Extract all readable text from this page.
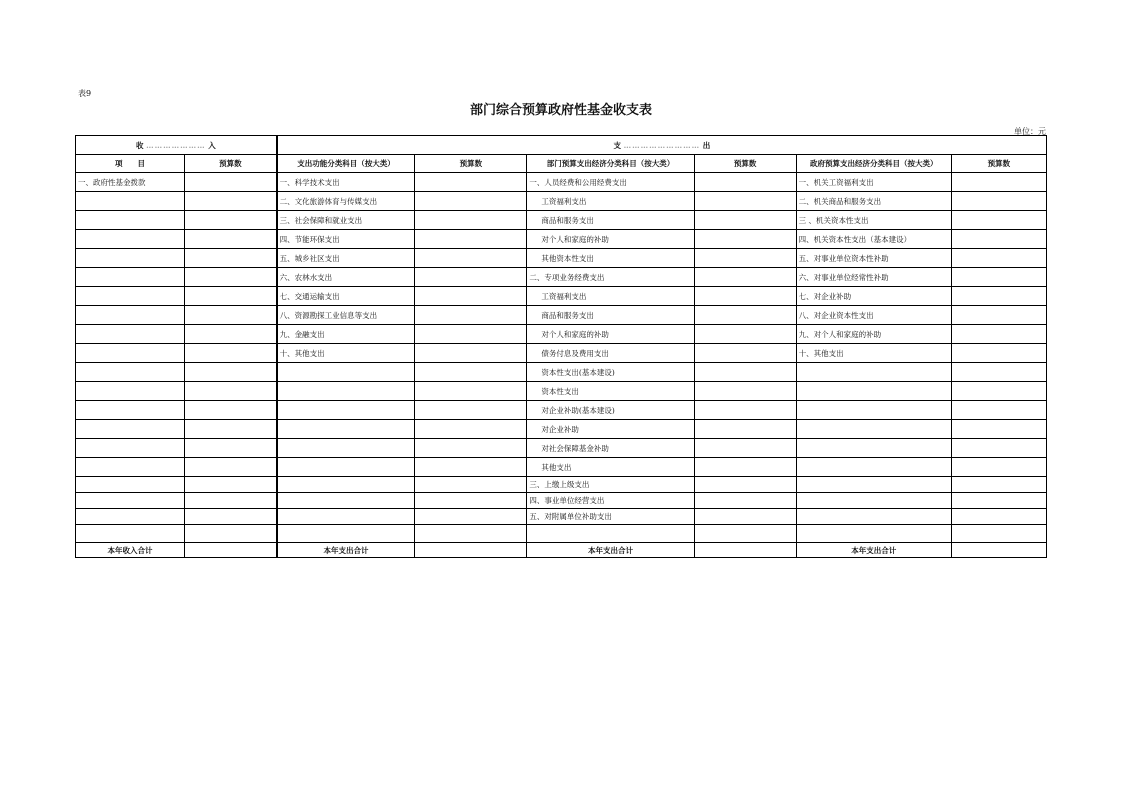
表9
部门综合预算政府性基金收支表
单位：元
收 ………………… 入		支 ……………………… 出					
项　　目	预算数	支出功能分类科目（按大类）	预算数	部门预算支出经济分类科目（按大类）	预算数	政府预算支出经济分类科目（按大类）	预算数
一、政府性基金拨款		一、科学技术支出		一、人员经费和公用经费支出		一、机关工资福利支出	
		二、文化旅游体育与传媒支出		工资福利支出		二、机关商品和服务支出	
		三、社会保障和就业支出		商品和服务支出		三 、机关资本性支出	
		四、节能环保支出		对个人和家庭的补助		四、机关资本性支出（基本建设）	
		五、城乡社区支出		其他资本性支出		五、对事业单位资本性补助	
		六、农林水支出		二、专项业务经费支出		六、对事业单位经常性补助	
		七、交通运输支出		工资福利支出		七、对企业补助	
		八、资源勘探工业信息等支出		商品和服务支出		八、对企业资本性支出	
		九、金融支出		对个人和家庭的补助		九、对个人和家庭的补助	
		十、其他支出		债务付息及费用支出		十、其他支出	
				资本性支出(基本建设)			
				资本性支出			
				对企业补助(基本建设)			
				对企业补助			
				对社会保障基金补助			
				其他支出			
				三、上缴上级支出			
				四、事业单位经营支出			
				五、对附属单位补助支出			

本年收入合计		本年支出合计		本年支出合计		本年支出合计	
